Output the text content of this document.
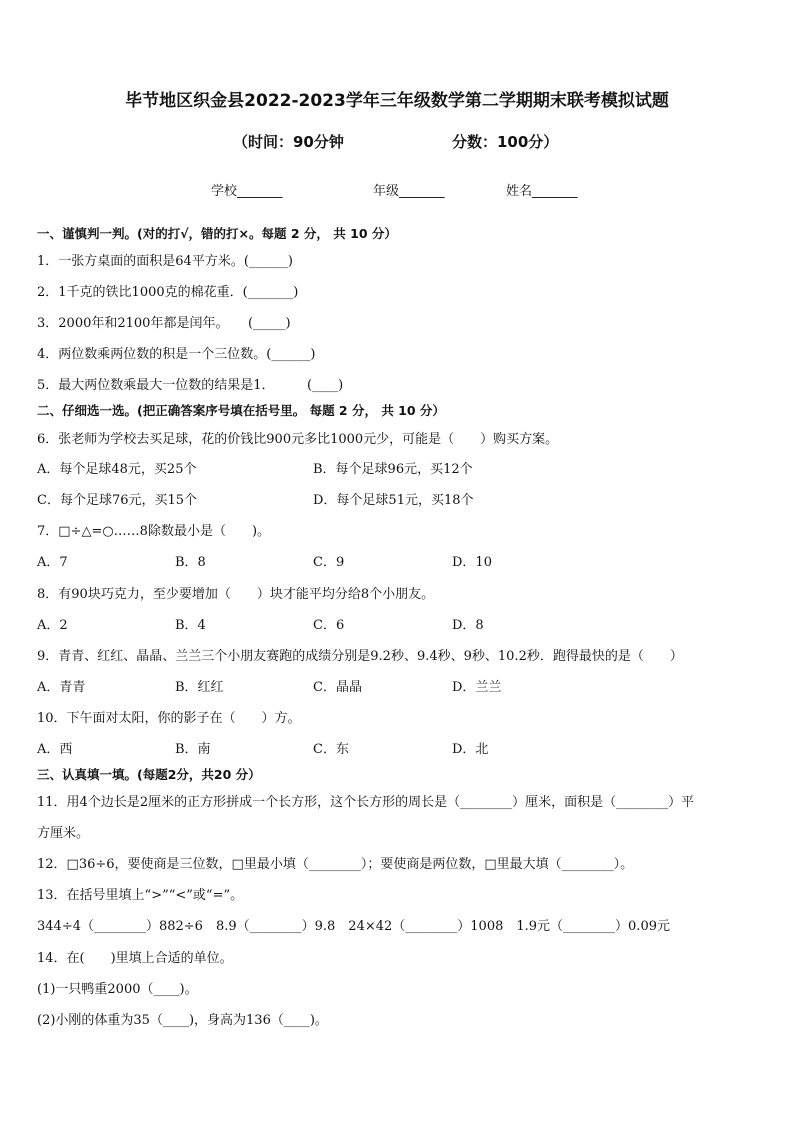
毕节地区织金县2022-2023学年三年级数学第二学期期末联考模拟试题
（时间：90分钟	分数：100分）
学校_______	年级_______	姓名_______
一、谨慎判一判。(对的打√，错的打×。每题 2 分， 共 10 分）
1．一张方桌面的面积是64平方米。(______)
2．1千克的铁比1000克的棉花重．(_______)
3．2000年和2100年都是闰年。　　(_____)
4．两位数乘两位数的积是一个三位数。(______)
5．最大两位数乘最大一位数的结果是1．　　　(____)
二、仔细选一选。(把正确答案序号填在括号里。 每题 2 分， 共 10 分）
6．张老师为学校去买足球，花的价钱比900元多比1000元少，可能是（　　）购买方案。
A．每个足球48元，买25个	B．每个足球96元，买12个
C．每个足球76元，买15个	D．每个足球51元，买18个
7．□÷△=○……8除数最小是（　　)。
A．7	B．8	C．9	D．10
8．有90块巧克力，至少要增加（　　）块才能平均分给8个小朋友。
A．2	B．4	C．6	D．8
9．青青、红红、晶晶、兰兰三个小朋友赛跑的成绩分别是9.2秒、9.4秒、9秒、10.2秒．跑得最快的是（　　）
A．青青	B．红红	C．晶晶	D．兰兰
10．下午面对太阳，你的影子在（　　）方。
A．西	B．南	C．东	D．北
三、认真填一填。(每题2分，共20 分）
11．用4个边长是2厘米的正方形拼成一个长方形，这个长方形的周长是（________）厘米，面积是（________）平
方厘米。
12．□36÷6，要使商是三位数，□里最小填（________）；要使商是两位数，□里最大填（________）。
13．在括号里填上“>”“<”或“=”。
344÷4（________）882÷6　8.9（________）9.8　24×42（________）1008　1.9元（________）0.09元
14．在(　　)里填上合适的单位。
(1)一只鸭重2000（____)。
(2)小刚的体重为35（____)，身高为136（____)。
